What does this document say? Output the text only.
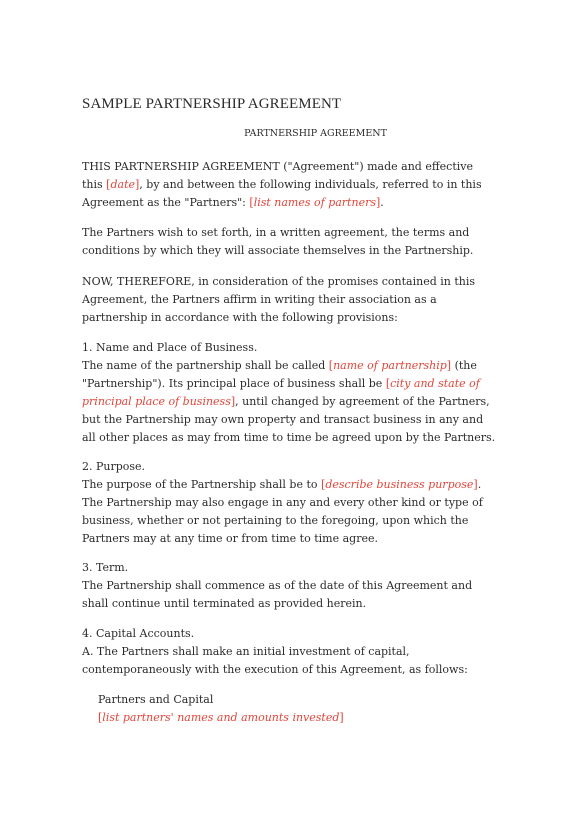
SAMPLE PARTNERSHIP AGREEMENT
PARTNERSHIP AGREEMENT
THIS PARTNERSHIP AGREEMENT ("Agreement") made and effective
this [date], by and between the following individuals, referred to in this
Agreement as the "Partners": [list names of partners].
The Partners wish to set forth, in a written agreement, the terms and
conditions by which they will associate themselves in the Partnership.
NOW, THEREFORE, in consideration of the promises contained in this
Agreement, the Partners affirm in writing their association as a
partnership in accordance with the following provisions:
1. Name and Place of Business.
The name of the partnership shall be called [name of partnership] (the
"Partnership"). Its principal place of business shall be [city and state of
principal place of business], until changed by agreement of the Partners,
but the Partnership may own property and transact business in any and
all other places as may from time to time be agreed upon by the Partners.
2. Purpose.
The purpose of the Partnership shall be to [describe business purpose].
The Partnership may also engage in any and every other kind or type of
business, whether or not pertaining to the foregoing, upon which the
Partners may at any time or from time to time agree.
3. Term.
The Partnership shall commence as of the date of this Agreement and
shall continue until terminated as provided herein.
4. Capital Accounts.
A. The Partners shall make an initial investment of capital,
contemporaneously with the execution of this Agreement, as follows:
Partners and Capital
[list partners' names and amounts invested]
